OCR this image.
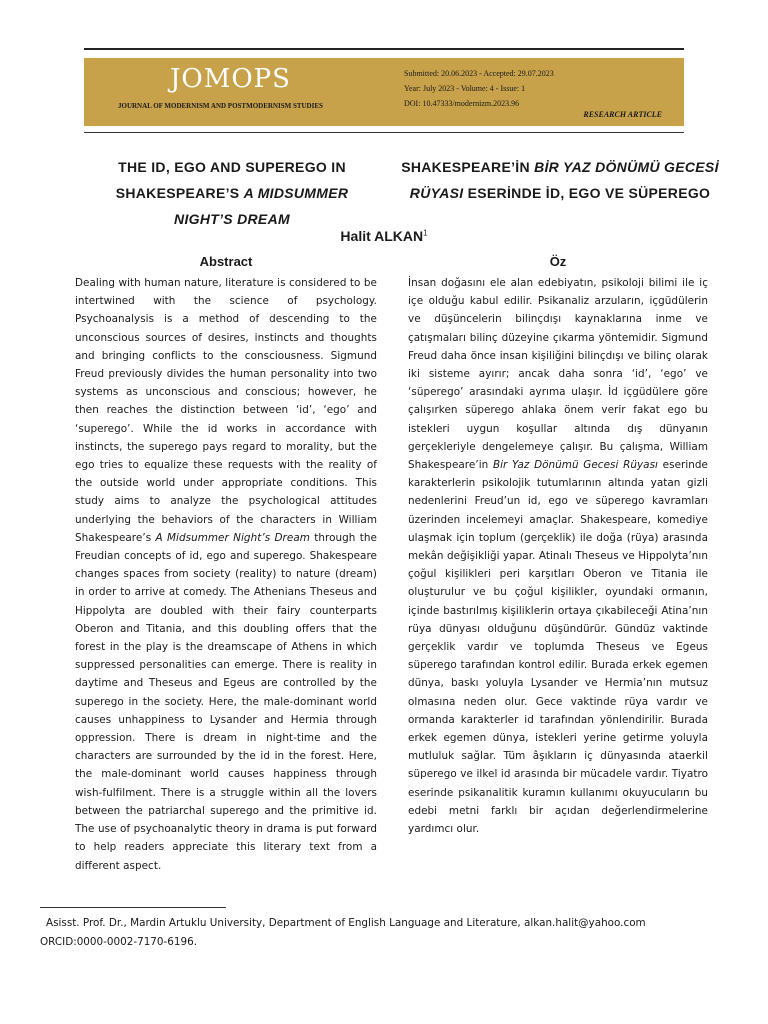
JOMOPS
JOURNAL OF MODERNISM AND POSTMODERNISM STUDIES
Submitted: 20.06.2023 - Accepted: 29.07.2023
Year: July 2023 - Volume: 4 - Issue: 1
DOI: 10.47333/modernizm.2023.96
RESEARCH ARTICLE
THE ID, EGO AND SUPEREGO IN SHAKESPEARE’S A MIDSUMMER NIGHT’S DREAM
SHAKESPEARE’İN BİR YAZ DÖNÜMÜ GECESİ RÜYASI ESERİNDE İD, EGO VE SÜPEREGO
Halit ALKAN$^1$
Abstract	Öz
Dealing with human nature, literature is considered to be intertwined with the science of psychology. Psychoanalysis is a method of descending to the unconscious sources of desires, instincts and thoughts and bringing conflicts to the consciousness. Sigmund Freud previously divides the human personality into two systems as unconscious and conscious; however, he then reaches the distinction between ‘id’, ‘ego’ and ‘superego’. While the id works in accordance with instincts, the superego pays regard to morality, but the ego tries to equalize these requests with the reality of the outside world under appropriate conditions. This study aims to analyze the psychological attitudes underlying the behaviors of the characters in William Shakespeare’s A Midsummer Night’s Dream through the Freudian concepts of id, ego and superego. Shakespeare changes spaces from society (reality) to nature (dream) in order to arrive at comedy. The Athenians Theseus and Hippolyta are doubled with their fairy counterparts Oberon and Titania, and this doubling offers that the forest in the play is the dreamscape of Athens in which suppressed personalities can emerge. There is reality in daytime and Theseus and Egeus are controlled by the superego in the society. Here, the male-dominant world causes unhappiness to Lysander and Hermia through oppression. There is dream in night-time and the characters are surrounded by the id in the forest. Here, the male-dominant world causes happiness through wish-fulfilment. There is a struggle within all the lovers between the patriarchal superego and the primitive id. The use of psychoanalytic theory in drama is put forward to help readers appreciate this literary text from a different aspect.
İnsan doğasını ele alan edebiyatın, psikoloji bilimi ile iç içe olduğu kabul edilir. Psikanaliz arzuların, içgüdülerin ve düşüncelerin bilinçdışı kaynaklarına inme ve çatışmaları bilinç düzeyine çıkarma yöntemidir. Sigmund Freud daha önce insan kişiliğini bilinçdışı ve bilinç olarak iki sisteme ayırır; ancak daha sonra ‘id’, ‘ego’ ve ‘süperego’ arasındaki ayrıma ulaşır. İd içgüdülere göre çalışırken süperego ahlaka önem verir fakat ego bu istekleri uygun koşullar altında dış dünyanın gerçekleriyle dengelemeye çalışır. Bu çalışma, William Shakespeare’in Bir Yaz Dönümü Gecesi Rüyası eserinde karakterlerin psikolojik tutumlarının altında yatan gizli nedenlerini Freud’un id, ego ve süperego kavramları üzerinden incelemeyi amaçlar. Shakespeare, komediye ulaşmak için toplum (gerçeklik) ile doğa (rüya) arasında mekân değişikliği yapar. Atinalı Theseus ve Hippolyta’nın çoğul kişilikleri peri karşıtları Oberon ve Titania ile oluşturulur ve bu çoğul kişilikler, oyundaki ormanın, içinde bastırılmış kişiliklerin ortaya çıkabileceği Atina’nın rüya dünyası olduğunu düşündürür. Gündüz vaktinde gerçeklik vardır ve toplumda Theseus ve Egeus süperego tarafından kontrol edilir. Burada erkek egemen dünya, baskı yoluyla Lysander ve Hermia’nın mutsuz olmasına neden olur. Gece vaktinde rüya vardır ve ormanda karakterler id tarafından yönlendirilir. Burada erkek egemen dünya, istekleri yerine getirme yoluyla mutluluk sağlar. Tüm âşıkların iç dünyasında ataerkil süperego ve ilkel id arasında bir mücadele vardır. Tiyatro eserinde psikanalitik kuramın kullanımı okuyucuların bu edebi metni farklı bir açıdan değerlendirmelerine yardımcı olur.
Asisst. Prof. Dr., Mardin Artuklu University, Department of English Language and Literature, alkan.halit@yahoo.com
ORCID:0000-0002-7170-6196.
